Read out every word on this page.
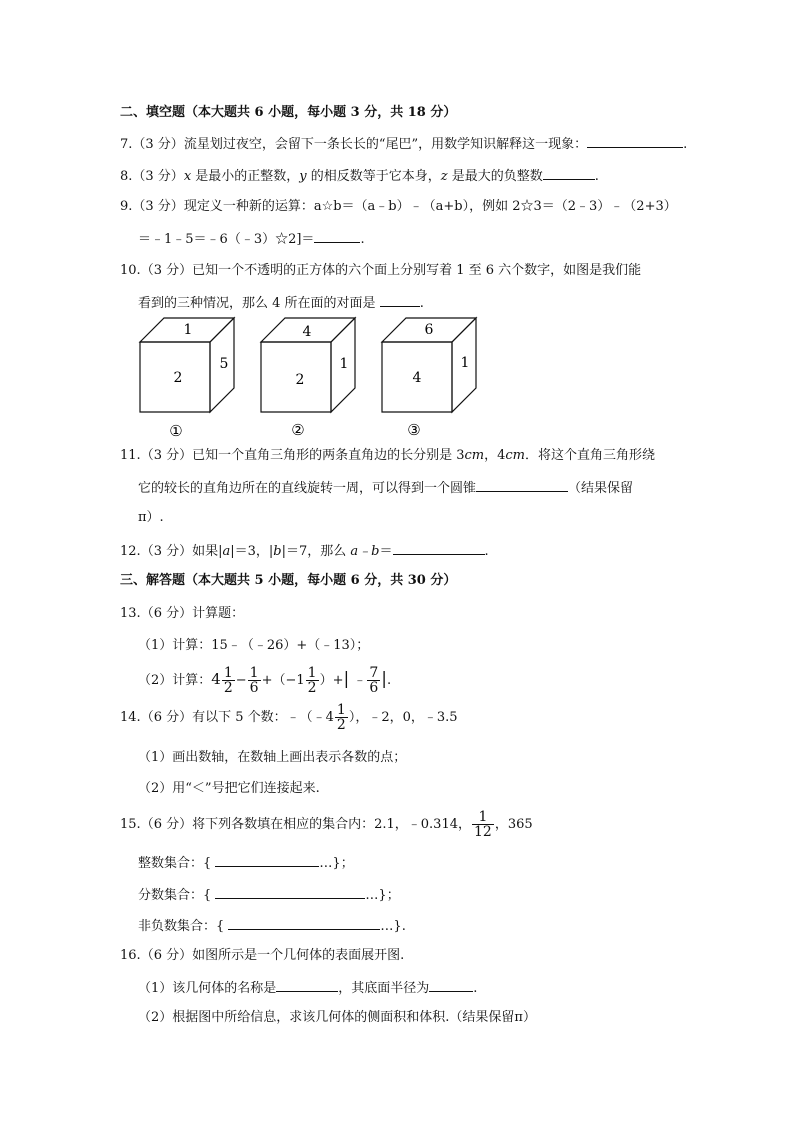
二、填空题（本大题共 6 小题，每小题 3 分，共 18 分）
7.（3 分）流星划过夜空，会留下一条长长的“尾巴”，用数学知识解释这一现象：	.
8.（3 分）x 是最小的正整数，y 的相反数等于它本身，z 是最大的负整数	.
9.（3 分）现定义一种新的运算：a☆b＝（a﹣b）﹣（a+b），例如 2☆3＝（2﹣3）﹣（2+3）
＝﹣1﹣5＝﹣6（﹣3）☆2]＝	.
10.（3 分）已知一个不透明的正方体的六个面上分别写着 1 至 6 六个数字，如图是我们能
看到的三种情况，那么 4 所在面的对面是	.
1
2
5
①
4
2
1
②
6
4
1
③
11.（3 分）已知一个直角三角形的两条直角边的长分别是 3cm，4cm．将这个直角三角形绕
它的较长的直角边所在的直线旋转一周，可以得到一个圆锥	（结果保留
π）.
12.（3 分）如果|a|＝3，|b|＝7，那么 a﹣b＝	.
三、解答题（本大题共 5 小题，每小题 6 分，共 30 分）
13.（6 分）计算题：
（1）计算：15﹣（﹣26）+（﹣13）；
（2）计算：$4 \frac{1}{2} - \frac{1}{6} +(-1 \frac{1}{2}$ ）+| ﹣ $\frac{7}{6}$ |.
14.（6 分）有以下 5 个数：﹣（﹣4 $\frac{1}{2}$ ），﹣2，0，﹣3.5
（1）画出数轴，在数轴上画出表示各数的点；
（2）用“＜”号把它们连接起来.
15.（6 分）将下列各数填在相应的集合内：2.1，﹣0.314， $\frac{1}{12}$ ，365
整数集合：{	…}；
分数集合：{	…}；
非负数集合：{	…}.
16.（6 分）如图所示是一个几何体的表面展开图.
（1）该几何体的名称是	，其底面半径为	.
（2）根据图中所给信息，求该几何体的侧面积和体积.（结果保留π）
